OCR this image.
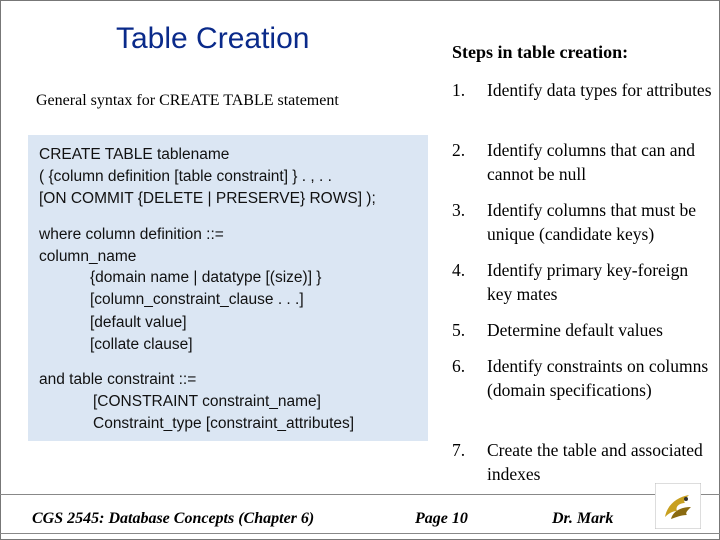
Table Creation
General syntax for CREATE TABLE statement
CREATE TABLE tablename
( {column definition [table constraint] } . , . .
[ON COMMIT {DELETE | PRESERVE} ROWS] );
where column definition ::=
column_name
{domain name | datatype [(size)] }
[column_constraint_clause . . .]
[default value]
[collate clause]
and table constraint ::=
[CONSTRAINT constraint_name]
Constraint_type [constraint_attributes]
Steps in table creation:
1. Identify data types for attributes
2. Identify columns that can and cannot be null
3. Identify columns that must be unique (candidate keys)
4. Identify primary key-foreign key mates
5. Determine default values
6. Identify constraints on columns (domain specifications)
7. Create the table and associated indexes
CGS 2545: Database Concepts (Chapter 6)	Page 10	Dr. Mark
